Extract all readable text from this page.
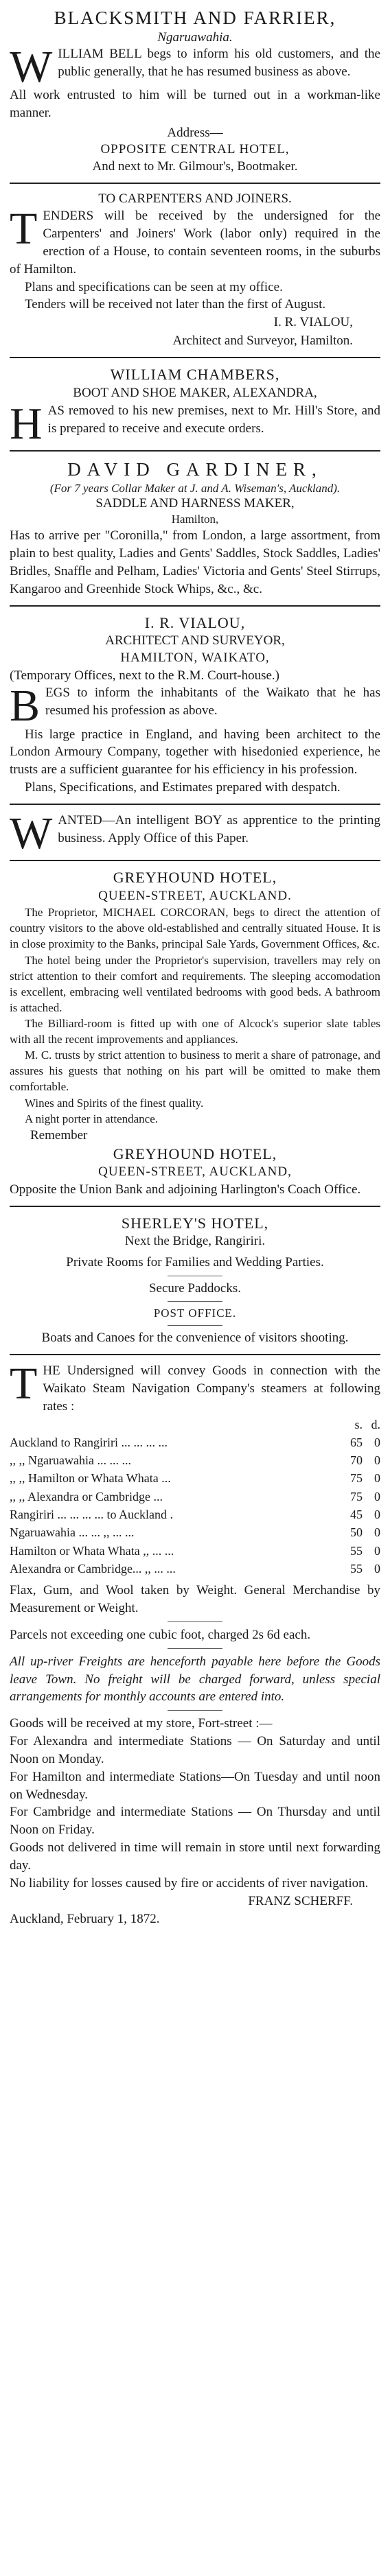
BLACKSMITH AND FARRIER,
Ngaruawahia.

WILLIAM BELL begs to inform his old customers, and the public generally, that he has resumed business as above.

All work entrusted to him will be turned out in a workman-like manner.

Address—
OPPOSITE CENTRAL HOTEL,
And next to Mr. Gilmour's, Bootmaker.
TO CARPENTERS AND JOINERS.

TENDERS will be received by the undersigned for the Carpenters' and Joiners' Work (labor only) required in the erection of a House, to contain seventeen rooms, in the suburbs of Hamilton.

Plans and specifications can be seen at my office.

Tenders will be received not later than the first of August.

I. R. VIALOU,
Architect and Surveyor, Hamilton.
WILLIAM CHAMBERS,
BOOT AND SHOE MAKER, ALEXANDRA,

HAS removed to his new premises, next to Mr. Hill's Store, and is prepared to receive and execute orders.

DAVID GARDINER,
(For 7 years Collar Maker at J. and A. Wiseman's, Auckland).
SADDLE AND HARNESS MAKER,
Hamilton,

Has to arrive per "Coronilla," from London, a large assortment, from plain to best quality, Ladies and Gents' Saddles, Stock Saddles, Ladies' Bridles, Snaffle and Pelham, Ladies' Victoria and Gents' Steel Stirrups, Kangaroo and Greenhide Stock Whips, &c., &c.

I. R. VIALOU,
ARCHITECT AND SURVEYOR,
HAMILTON, WAIKATO,

(Temporary Offices, next to the R.M. Court-house.)

BEGS to inform the inhabitants of the Waikato that he has resumed his profession as above.

His large practice in England, and having been architect to the London Armoury Company, together with hisedonied experience, he trusts are a sufficient guarantee for his efficiency in his profession.

Plans, Specifications, and Estimates prepared with despatch.

WANTED—An intelligent BOY as apprentice to the printing business. Apply Office of this Paper.

GREYHOUND HOTEL,
QUEEN-STREET, AUCKLAND.

The Proprietor, MICHAEL CORCORAN, begs to direct the attention of country visitors to the above old-established and centrally situated House. It is in close proximity to the Banks, principal Sale Yards, Government Offices, &c.

The hotel being under the Proprietor's supervision, travellers may rely on strict attention to their comfort and requirements. The sleeping accomodation is excellent, embracing well ventilated bedrooms with good beds. A bathroom is attached.

The Billiard-room is fitted up with one of Alcock's superior slate tables with all the recent improvements and appliances.

M. C. trusts by strict attention to business to merit a share of patronage, and assures his guests that nothing on his part will be omitted to make them comfortable.

Wines and Spirits of the finest quality.

A night porter in attendance.

Remember

GREYHOUND HOTEL,
QUEEN-STREET, AUCKLAND,

Opposite the Union Bank and adjoining Harlington's Coach Office.

SHERLEY'S HOTEL,
Next the Bridge, Rangiriri.
Private Rooms for Families and Wedding Parties.
Secure Paddocks.
POST OFFICE.
Boats and Canoes for the convenience of visitors shooting.

THE Undersigned will convey Goods in connection with the Waikato Steam Navigation Company's steamers at following rates :

	s.	d.
Auckland to Rangiriri ... ... ... ...	65	0
,, ,, Ngaruawahia ... ... ...	70	0
,, ,, Hamilton or Whata Whata ...	75	0
,, ,, Alexandra or Cambridge ...	75	0
Rangiriri ... ... ... ... to Auckland .	45	0
Ngaruawahia ... ... ,, ... ...	50	0
Hamilton or Whata Whata ,, ... ...	55	0
Alexandra or Cambridge... ,, ... ...	55	0

Flax, Gum, and Wool taken by Weight. General Merchandise by Measurement or Weight.

Parcels not exceeding one cubic foot, charged 2s 6d each.

All up-river Freights are henceforth payable here before the Goods leave Town. No freight will be charged forward, unless special arrangements for monthly accounts are entered into.

Goods will be received at my store, Fort-street :—

For Alexandra and intermediate Stations — On Saturday and until Noon on Monday.

For Hamilton and intermediate Stations—On Tuesday and until noon on Wednesday.

For Cambridge and intermediate Stations — On Thursday and until Noon on Friday.

Goods not delivered in time will remain in store until next forwarding day.

No liability for losses caused by fire or accidents of river navigation.

FRANZ SCHERFF.

Auckland, February 1, 1872.
